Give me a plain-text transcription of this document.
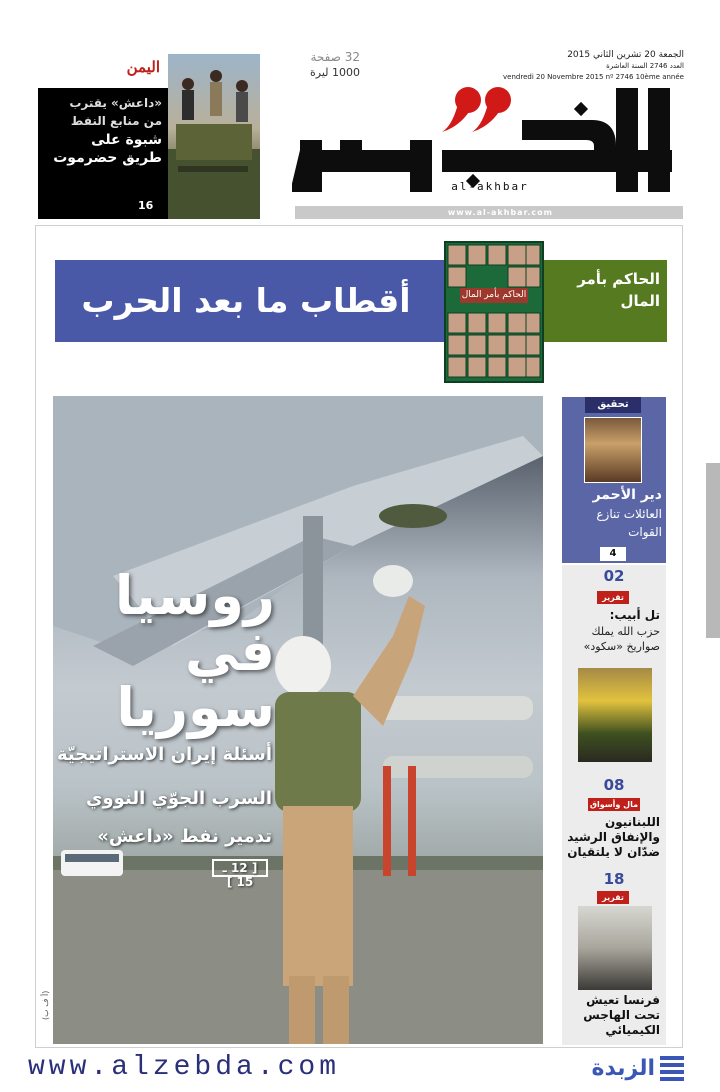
32 صفحة
1000 ليرة
الجمعة 20 تشرين الثاني 2015
العدد 2746 السنة العاشرة
vendredi 20 Novembre 2015 nº 2746 10ème année
al-akhbar
www.al-akhbar.com
اليمن
«داعش» يقترب
من منابع النفط
شبوة على
طريق حضرموت
16
أقطاب ما بعد الحرب	الحاكم بأمر المال
الحاكم بأمر المال
روسيا
في
سوريا
أسئلة إيران الاستراتيجيّة
السرب الجوّي النووي
تدمير نفط «داعش»
[ 12 ـ 15 ]
(أ ف ب)
تحقيق
دير الأحمر
العائلات تنازع القوات
4
02
تقرير
تل أبيب:
حزب الله يملك صواريخ «سكود»
08
مال وأسواق
اللبنانيون والإنفاق الرشيد ضدّان لا يلتقيان
18
تقرير
فرنسا تعيش تحت الهاجس الكيميائي
www.alzebda.com	الزبدة
